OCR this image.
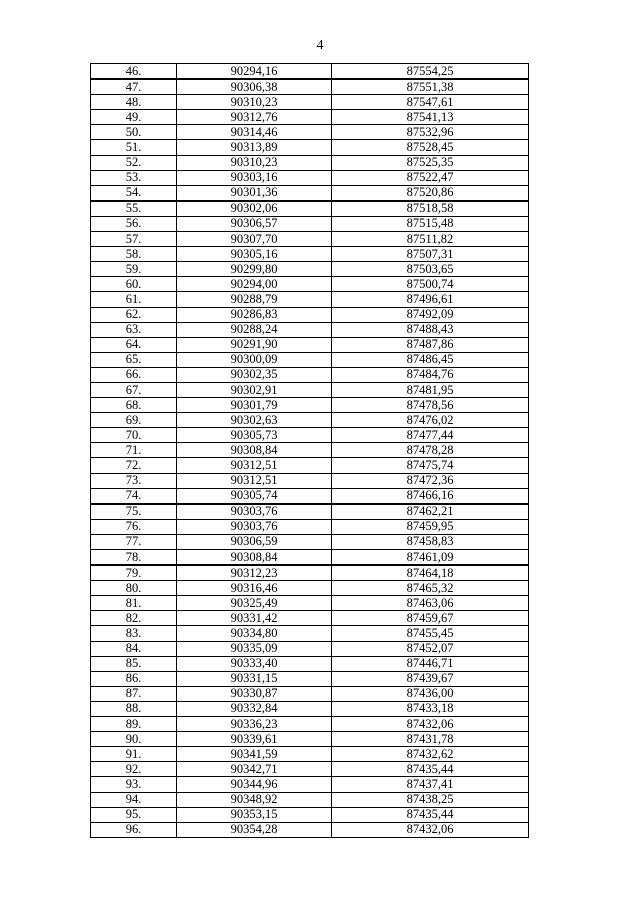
4
46.	90294,16	87554,25
47.	90306,38	87551,38
48.	90310,23	87547,61
49.	90312,76	87541,13
50.	90314,46	87532,96
51.	90313,89	87528,45
52.	90310,23	87525,35
53.	90303,16	87522,47
54.	90301,36	87520,86
55.	90302,06	87518,58
56.	90306,57	87515,48
57.	90307,70	87511,82
58.	90305,16	87507,31
59.	90299,80	87503,65
60.	90294,00	87500,74
61.	90288,79	87496,61
62.	90286,83	87492,09
63.	90288,24	87488,43
64.	90291,90	87487,86
65.	90300,09	87486,45
66.	90302,35	87484,76
67.	90302,91	87481,95
68.	90301,79	87478,56
69.	90302,63	87476,02
70.	90305,73	87477,44
71.	90308,84	87478,28
72.	90312,51	87475,74
73.	90312,51	87472,36
74.	90305,74	87466,16
75.	90303,76	87462,21
76.	90303,76	87459,95
77.	90306,59	87458,83
78.	90308,84	87461,09
79.	90312,23	87464,18
80.	90316,46	87465,32
81.	90325,49	87463,06
82.	90331,42	87459,67
83.	90334,80	87455,45
84.	90335,09	87452,07
85.	90333,40	87446,71
86.	90331,15	87439,67
87.	90330,87	87436,00
88.	90332,84	87433,18
89.	90336,23	87432,06
90.	90339,61	87431,78
91.	90341,59	87432,62
92.	90342,71	87435,44
93.	90344,96	87437,41
94.	90348,92	87438,25
95.	90353,15	87435,44
96.	90354,28	87432,06
